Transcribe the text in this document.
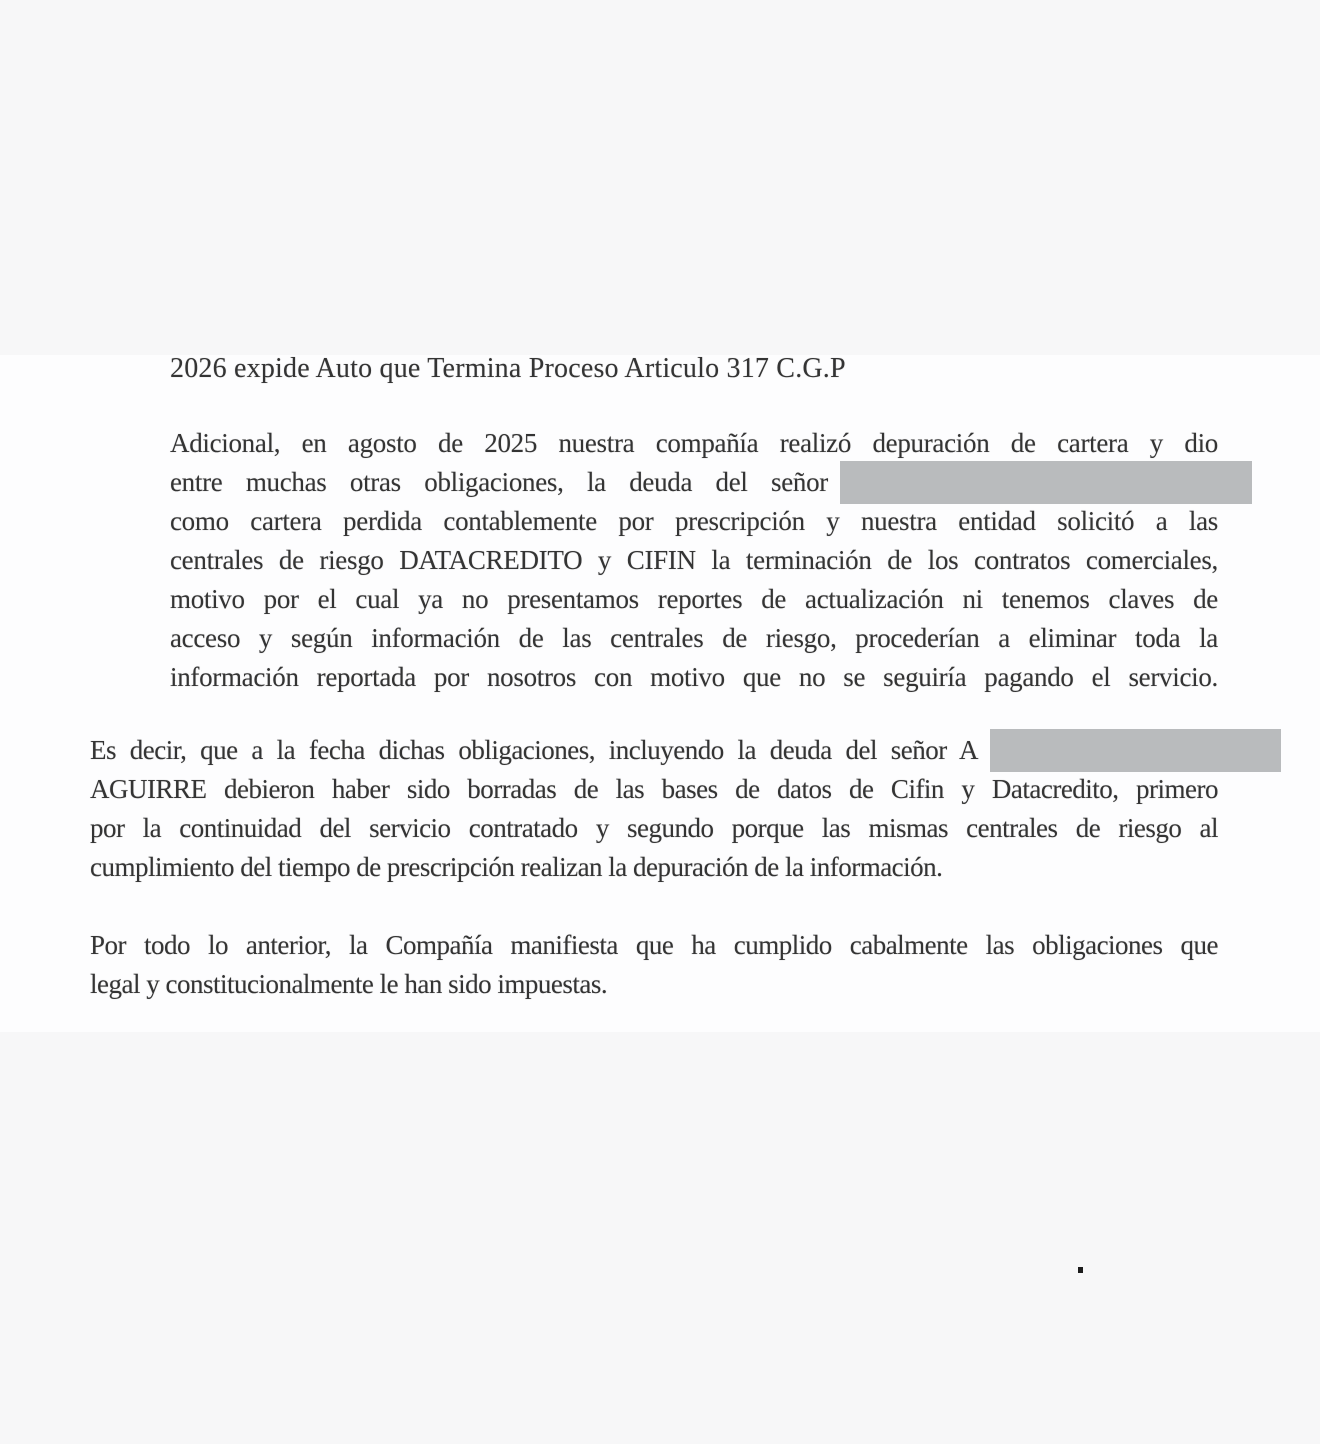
2026 expide Auto que Termina Proceso Articulo 317 C.G.P
Adicional, en agosto de 2025 nuestra compañía realizó depuración de cartera y dio
entre muchas otras obligaciones, la deuda del señor
como cartera perdida contablemente por prescripción y nuestra entidad solicitó a las
centrales de riesgo DATACREDITO y CIFIN la terminación de los contratos comerciales,
motivo por el cual ya no presentamos reportes de actualización ni tenemos claves de
acceso y según información de las centrales de riesgo, procederían a eliminar toda la
información reportada por nosotros con motivo que no se seguiría pagando el servicio.
Es decir, que a la fecha dichas obligaciones, incluyendo la deuda del señor A
AGUIRRE debieron haber sido borradas de las bases de datos de Cifin y Datacredito, primero
por la continuidad del servicio contratado y segundo porque las mismas centrales de riesgo al
cumplimiento del tiempo de prescripción realizan la depuración de la información.
Por todo lo anterior, la Compañía manifiesta que ha cumplido cabalmente las obligaciones que
legal y constitucionalmente le han sido impuestas.
